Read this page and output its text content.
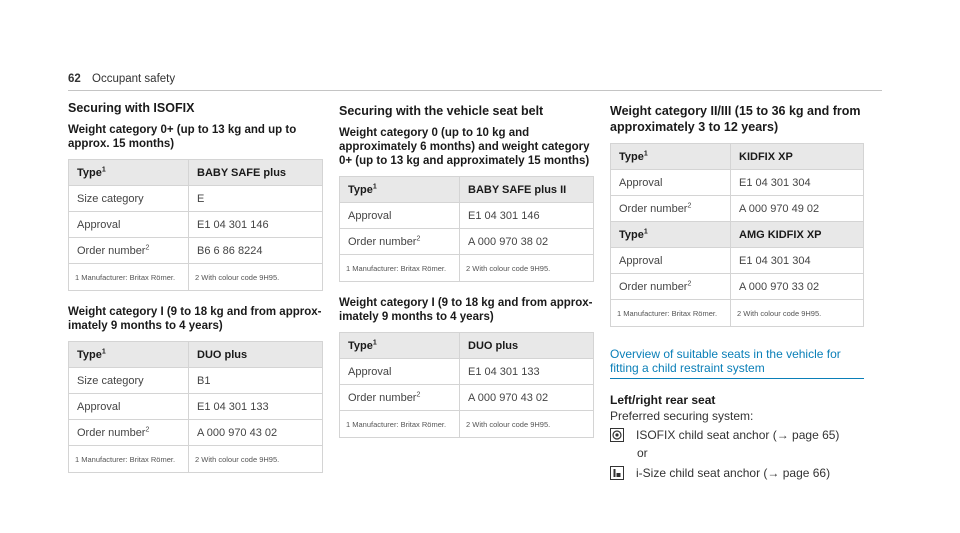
62 Occupant safety
Securing with ISOFIX
Weight category 0+ (up to 13 kg and up to approx. 15 months)
Type$^1$	BABY SAFE plus
Size category	E
Approval	E1 04 301 146
Order number$^2$	B6 6 86 8224
1 Manufacturer: Britax Römer.	2 With colour code 9H95.
Weight category I (9 to 18 kg and from approx- imately 9 months to 4 years)
Type$^1$	DUO plus
Size category	B1
Approval	E1 04 301 133
Order number$^2$	A 000 970 43 02
1 Manufacturer: Britax Römer.	2 With colour code 9H95.
Securing with the vehicle seat belt
Weight category 0 (up to 10 kg and approximately 6 months) and weight category 0+ (up to 13 kg and approximately 15 months)
Type$^1$	BABY SAFE plus II
Approval	E1 04 301 146
Order number$^2$	A 000 970 38 02
1 Manufacturer: Britax Römer.	2 With colour code 9H95.
Weight category I (9 to 18 kg and from approx- imately 9 months to 4 years)
Type$^1$	DUO plus
Approval	E1 04 301 133
Order number$^2$	A 000 970 43 02
1 Manufacturer: Britax Römer.	2 With colour code 9H95.
Weight category II/III (15 to 36 kg and from approximately 3 to 12 years)
Type$^1$	KIDFIX XP
Approval	E1 04 301 304
Order number$^2$	A 000 970 49 02
Type$^1$	AMG KIDFIX XP
Approval	E1 04 301 304
Order number$^2$	A 000 970 33 02
1 Manufacturer: Britax Römer.	2 With colour code 9H95.
Overview of suitable seats in the vehicle for fitting a child restraint system
Left/right rear seat
Preferred securing system:
ISOFIX child seat anchor (→ page 65)
or
i-Size child seat anchor (→ page 66)
